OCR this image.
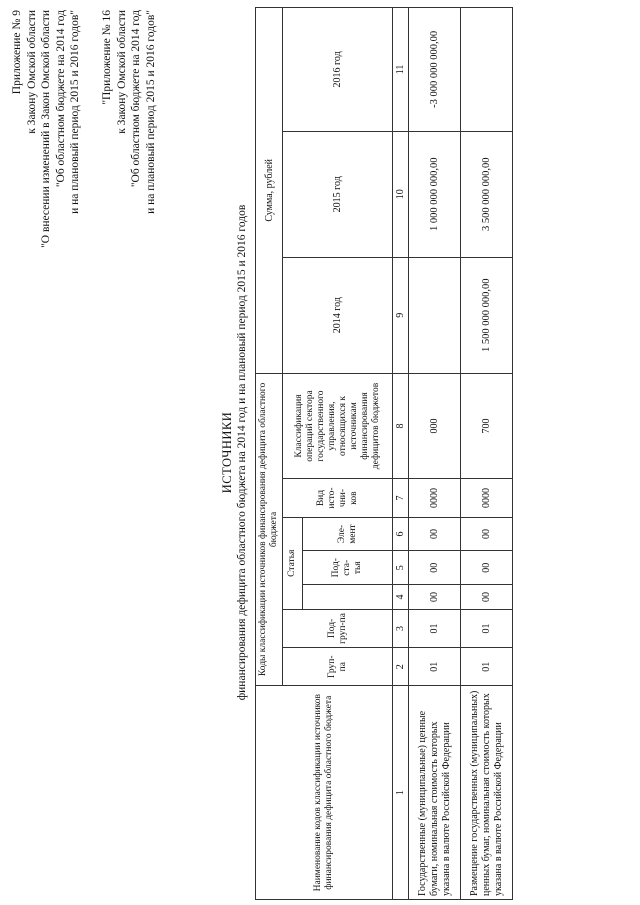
Приложение № 9 к Закону Омской области "О внесении изменений в Закон Омской области "Об областном бюджете на 2014 год и на плановый период 2015 и 2016 годов" "Приложение № 16 к Закону Омской области "Об областном бюджете на 2014 год и на плановый период 2015 и 2016 годов"
ИСТОЧНИКИ финансирования дефицита областного бюджета на 2014 год и на плановый период 2015 и 2016 годов
Наименование кодов классификации источников финансирования дефицита областного бюджета	Коды классификации источников финансирования дефицита областного бюджета							Сумма, рублей		
	Груп-па	Под-груп-па	Статья			Вид исто-чни-ков	Классификация операций сектора государственного управления, относящихся к источникам финансирования дефицитов бюджетов	2014 год	2015 год	2016 год
				Под-ста-тья	Эле-мент					
1	2	3	4	5	6	7	8	9	10	11
Государственные (муниципальные) ценные бумаги, номинальная стоимость которых указана в валюте Российской Федерации	01	01	00	00	00	0000	000		1 000 000 000,00	-3 000 000 000,00
Размещение государственных (муниципальных) ценных бумаг, номинальная стоимость которых указана в валюте Российской Федерации	01	01	00	00	00	0000	700	1 500 000 000,00	3 500 000 000,00	
